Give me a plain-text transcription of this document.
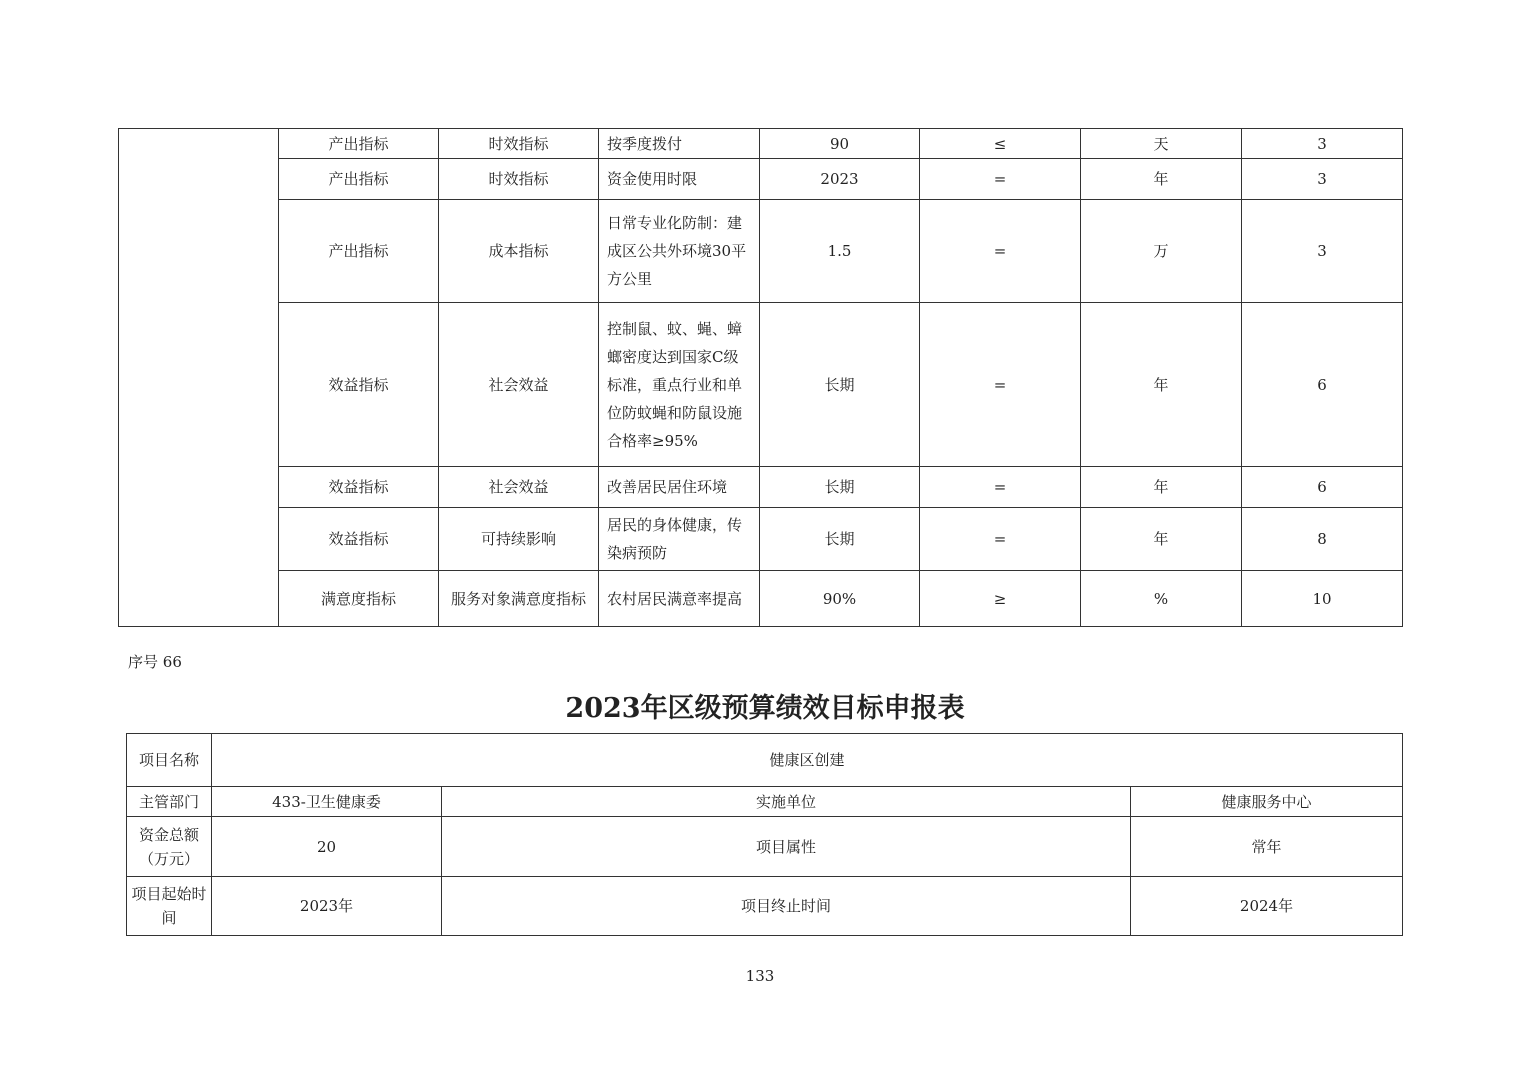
	产出指标	时效指标	按季度拨付	90	≤	天	3
	产出指标	时效指标	资金使用时限	2023	=	年	3
	产出指标	成本指标	日常专业化防制：建成区公共外环境30平方公里	1.5	=	万	3
	效益指标	社会效益	控制鼠、蚊、蝇、蟑螂密度达到国家C级标准，重点行业和单位防蚊蝇和防鼠设施合格率≥95%	长期	=	年	6
	效益指标	社会效益	改善居民居住环境	长期	=	年	6
	效益指标	可持续影响	居民的身体健康，传染病预防	长期	=	年	8
	满意度指标	服务对象满意度指标	农村居民满意率提高	90%	≥	%	10
序号 66
2023年区级预算绩效目标申报表
项目名称	健康区创建		
主管部门	433-卫生健康委	实施单位	健康服务中心
资金总额（万元）	20	项目属性	常年
项目起始时间	2023年	项目终止时间	2024年
133
